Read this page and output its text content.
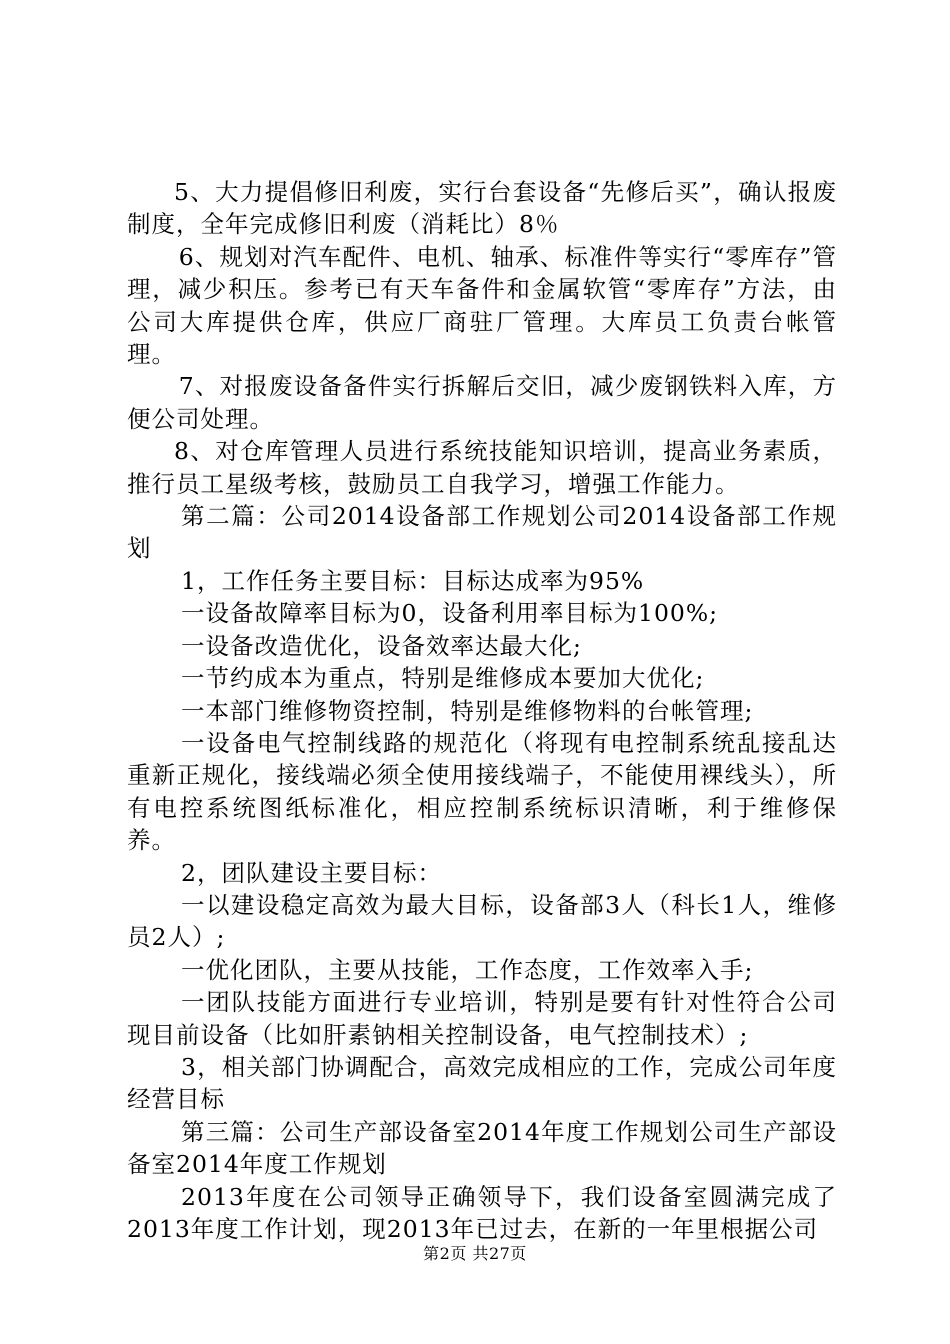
5、大力提倡修旧利废，实行台套设备“先修后买”，确认报废制度，全年完成修旧利废（消耗比）8％

6、规划对汽车配件、电机、轴承、标准件等实行“零库存”管理，减少积压。参考已有天车备件和金属软管“零库存”方法，由公司大库提供仓库，供应厂商驻厂管理。大库员工负责台帐管理。

7、对报废设备备件实行拆解后交旧，减少废钢铁料入库，方便公司处理。

8、对仓库管理人员进行系统技能知识培训，提高业务素质，推行员工星级考核，鼓励员工自我学习，增强工作能力。

第二篇：公司2014设备部工作规划公司2014设备部工作规划

1，工作任务主要目标：目标达成率为95%

一设备故障率目标为0，设备利用率目标为100%;

一设备改造优化，设备效率达最大化;

一节约成本为重点，特别是维修成本要加大优化;

一本部门维修物资控制，特别是维修物料的台帐管理;

一设备电气控制线路的规范化（将现有电控制系统乱接乱达重新正规化，接线端必须全使用接线端子，不能使用裸线头），所有电控系统图纸标准化，相应控制系统标识清晰，利于维修保养。

2，团队建设主要目标：

一以建设稳定高效为最大目标，设备部3人（科长1人，维修员2人）;

一优化团队，主要从技能，工作态度，工作效率入手;

一团队技能方面进行专业培训，特别是要有针对性符合公司现目前设备（比如肝素钠相关控制设备，电气控制技术）;

3，相关部门协调配合，高效完成相应的工作，完成公司年度经营目标

第三篇：公司生产部设备室2014年度工作规划公司生产部设备室2014年度工作规划

2013年度在公司领导正确领导下，我们设备室圆满完成了2013年度工作计划，现2013年已过去，在新的一年里根据公司

第2页 共27页
